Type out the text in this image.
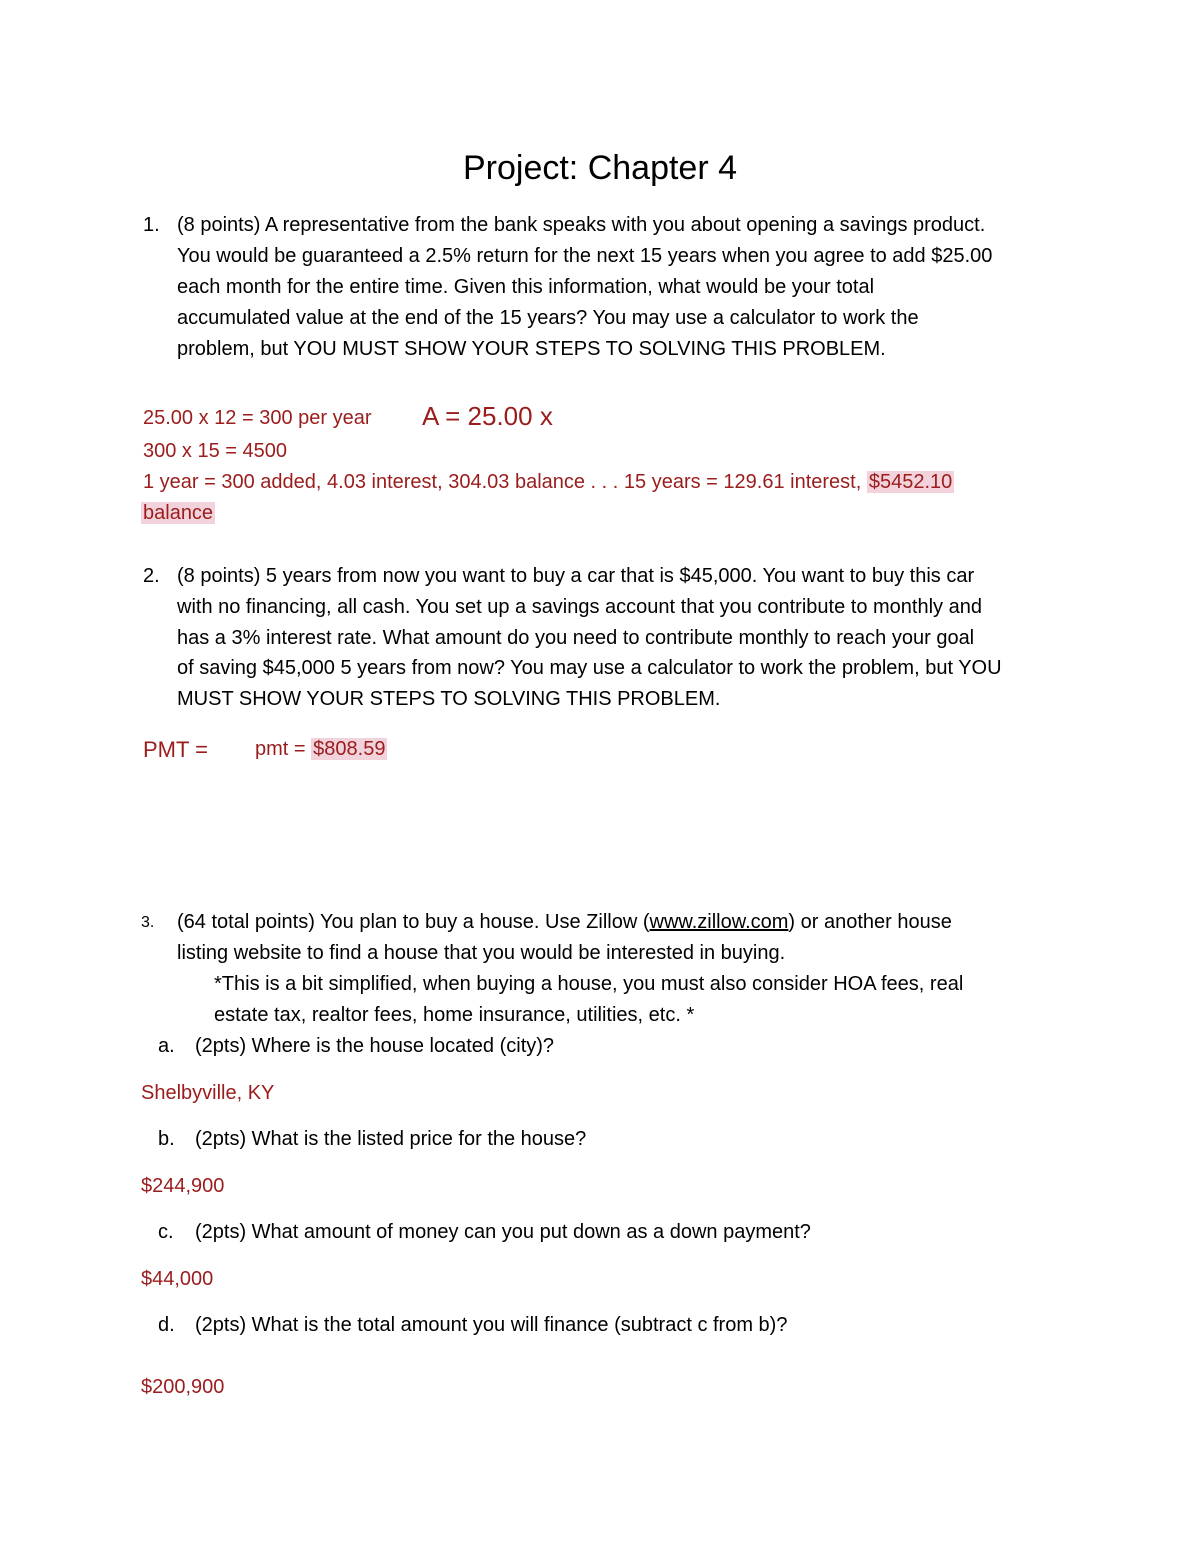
Project: Chapter 4
1. (8 points) A representative from the bank speaks with you about opening a savings product.
You would be guaranteed a 2.5% return for the next 15 years when you agree to add $25.00
each month for the entire time. Given this information, what would be your total
accumulated value at the end of the 15 years? You may use a calculator to work the
problem, but YOU MUST SHOW YOUR STEPS TO SOLVING THIS PROBLEM.
25.00 x 12 = 300 per year A = 25.00 x
300 x 15 = 4500
1 year = 300 added, 4.03 interest, 304.03 balance . . . 15 years = 129.61 interest, $5452.10
balance
2. (8 points) 5 years from now you want to buy a car that is $45,000. You want to buy this car
with no financing, all cash. You set up a savings account that you contribute to monthly and
has a 3% interest rate. What amount do you need to contribute monthly to reach your goal
of saving $45,000 5 years from now? You may use a calculator to work the problem, but YOU
MUST SHOW YOUR STEPS TO SOLVING THIS PROBLEM.
PMT = pmt = $808.59
3. (64 total points) You plan to buy a house. Use Zillow (www.zillow.com) or another house
listing website to find a house that you would be interested in buying.
*This is a bit simplified, when buying a house, you must also consider HOA fees, real
estate tax, realtor fees, home insurance, utilities, etc. *
a. (2pts) Where is the house located (city)?
Shelbyville, KY
b. (2pts) What is the listed price for the house?
$244,900
c. (2pts) What amount of money can you put down as a down payment?
$44,000
d. (2pts) What is the total amount you will finance (subtract c from b)?
$200,900
